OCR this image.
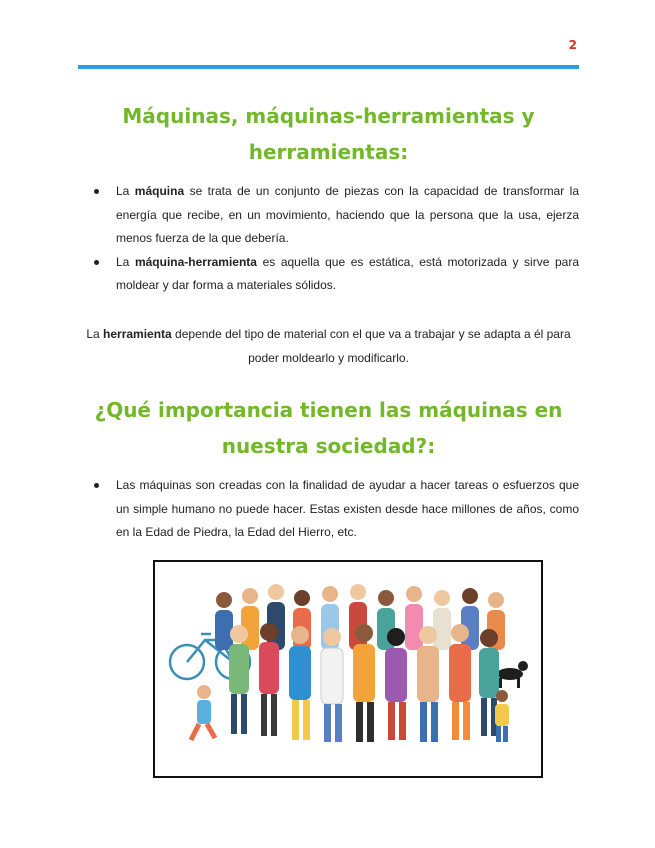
2
Máquinas, máquinas-herramientas y herramientas:
La máquina se trata de un conjunto de piezas con la capacidad de transformar la energía que recibe, en un movimiento, haciendo que la persona que la usa, ejerza menos fuerza de la que debería.
La máquina-herramienta es aquella que es estática, está motorizada y sirve para moldear y dar forma a materiales sólidos.

La herramienta depende del tipo de material con el que va a trabajar y se adapta a él para poder moldearlo y modificarlo.

¿Qué importancia tienen las máquinas en nuestra sociedad?:
Las máquinas son creadas con la finalidad de ayudar a hacer tareas o esfuerzos que un simple humano no puede hacer. Estas existen desde hace millones de años, como en la Edad de Piedra, la Edad del Hierro, etc.
